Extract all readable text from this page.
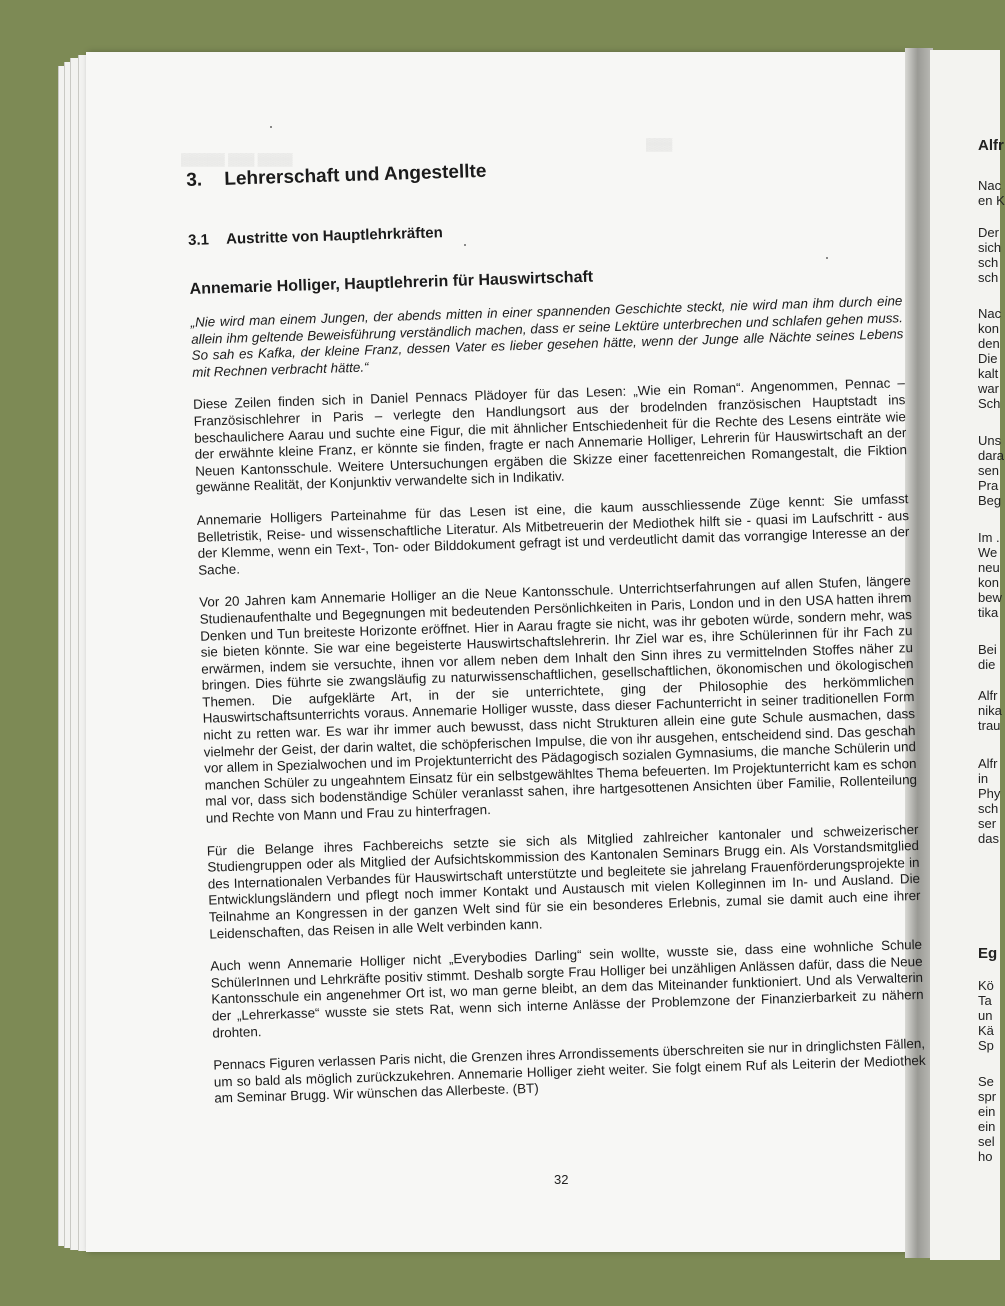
▓▓▓▓▓ ▓▓▓ ▓▓▓▓
▓▓▓	Alfr
Nac
en K
Der
sich
sch
sch
Nac
kon
den
Die
kalt
war
Sch
Uns
dara
sen
Pra
Beg
Im .
We
neu
kon
bew
tika
Bei
die
Alfr
nika
trau
Alfr
in
Phy
sch
ser
das
Eg
Kö
Ta
un
Kä
Sp
Se
spr
ein
ein
sel
ho
3. Lehrerschaft und Angestellte
3.1 Austritte von Hauptlehrkräften
Annemarie Holliger, Hauptlehrerin für Hauswirtschaft

„Nie wird man einem Jungen, der abends mitten in einer spannenden Geschichte steckt, nie wird man ihm durch eine allein ihm geltende Beweisführung verständlich machen, dass er seine Lektüre unterbrechen und schlafen gehen muss. So sah es Kafka, der kleine Franz, dessen Vater es lieber gesehen hätte, wenn der Junge alle Nächte seines Lebens mit Rechnen verbracht hätte.“

Diese Zeilen finden sich in Daniel Pennacs Plädoyer für das Lesen: „Wie ein Roman“. Angenommen, Pennac – Französischlehrer in Paris – verlegte den Handlungsort aus der brodelnden französischen Hauptstadt ins beschaulichere Aarau und suchte eine Figur, die mit ähnlicher Entschiedenheit für die Rechte des Lesens einträte wie der erwähnte kleine Franz, er könnte sie finden, fragte er nach Annemarie Holliger, Lehrerin für Hauswirtschaft an der Neuen Kantonsschule. Weitere Untersuchungen ergäben die Skizze einer facettenreichen Romangestalt, die Fiktion gewänne Realität, der Konjunktiv verwandelte sich in Indikativ.

Annemarie Holligers Parteinahme für das Lesen ist eine, die kaum ausschliessende Züge kennt: Sie umfasst Belletristik, Reise- und wissenschaftliche Literatur. Als Mitbetreuerin der Mediothek hilft sie - quasi im Laufschritt - aus der Klemme, wenn ein Text-, Ton- oder Bilddokument gefragt ist und verdeutlicht damit das vorrangige Interesse an der Sache.

Vor 20 Jahren kam Annemarie Holliger an die Neue Kantonsschule. Unterrichtserfahrungen auf allen Stufen, längere Studienaufenthalte und Begegnungen mit bedeutenden Persönlichkeiten in Paris, London und in den USA hatten ihrem Denken und Tun breiteste Horizonte eröffnet. Hier in Aarau fragte sie nicht, was ihr geboten würde, sondern mehr, was sie bieten könnte. Sie war eine begeisterte Hauswirtschaftslehrerin. Ihr Ziel war es, ihre Schülerinnen für ihr Fach zu erwärmen, indem sie versuchte, ihnen vor allem neben dem Inhalt den Sinn ihres zu vermittelnden Stoffes näher zu bringen. Dies führte sie zwangsläufig zu naturwissenschaftlichen, gesellschaftlichen, ökonomischen und ökologischen Themen. Die aufgeklärte Art, in der sie unterrichtete, ging der Philosophie des herkömmlichen Hauswirtschaftsunterrichts voraus. Annemarie Holliger wusste, dass dieser Fachunterricht in seiner traditionellen Form nicht zu retten war. Es war ihr immer auch bewusst, dass nicht Strukturen allein eine gute Schule ausmachen, dass vielmehr der Geist, der darin waltet, die schöpferischen Impulse, die von ihr ausgehen, entscheidend sind. Das geschah vor allem in Spezialwochen und im Projektunterricht des Pädagogisch sozialen Gymnasiums, die manche Schülerin und manchen Schüler zu ungeahntem Einsatz für ein selbstgewähltes Thema befeuerten. Im Projektunterricht kam es schon mal vor, dass sich bodenständige Schüler veranlasst sahen, ihre hartgesottenen Ansichten über Familie, Rollenteilung und Rechte von Mann und Frau zu hinterfragen.

Für die Belange ihres Fachbereichs setzte sie sich als Mitglied zahlreicher kantonaler und schweizerischer Studiengruppen oder als Mitglied der Aufsichtskommission des Kantonalen Seminars Brugg ein. Als Vorstandsmitglied des Internationalen Verbandes für Hauswirtschaft unterstützte und begleitete sie jahrelang Frauenförderungsprojekte in Entwicklungsländern und pflegt noch immer Kontakt und Austausch mit vielen Kolleginnen im In- und Ausland. Die Teilnahme an Kongressen in der ganzen Welt sind für sie ein besonderes Erlebnis, zumal sie damit auch eine ihrer Leidenschaften, das Reisen in alle Welt verbinden kann.

Auch wenn Annemarie Holliger nicht „Everybodies Darling“ sein wollte, wusste sie, dass eine wohnliche Schule SchülerInnen und Lehrkräfte positiv stimmt. Deshalb sorgte Frau Holliger bei unzähligen Anlässen dafür, dass die Neue Kantonsschule ein angenehmer Ort ist, wo man gerne bleibt, an dem das Miteinander funktioniert. Und als Verwalterin der „Lehrerkasse“ wusste sie stets Rat, wenn sich interne Anlässe der Problemzone der Finanzierbarkeit zu nähern drohten.

Pennacs Figuren verlassen Paris nicht, die Grenzen ihres Arrondissements überschreiten sie nur in dringlichsten Fällen, um so bald als möglich zurückzukehren. Annemarie Holliger zieht weiter. Sie folgt einem Ruf als Leiterin der Mediothek am Seminar Brugg. Wir wünschen das Allerbeste. (BT)

32
